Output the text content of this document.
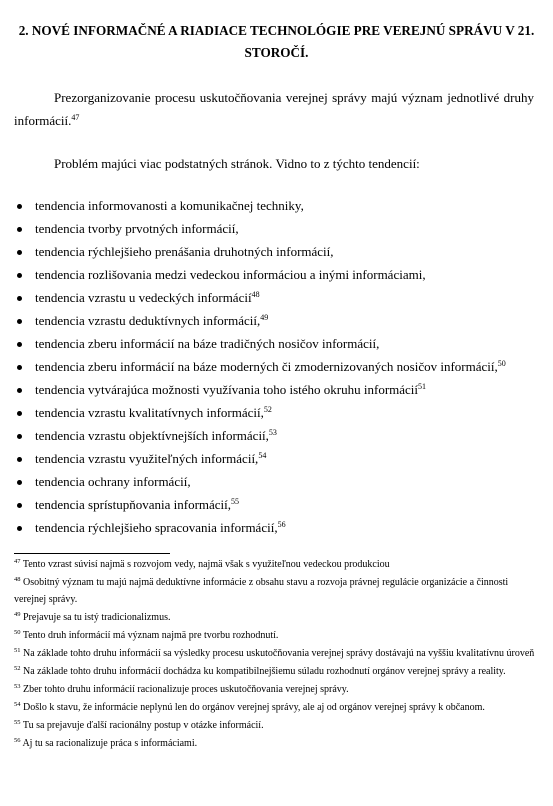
2. NOVÉ INFORMAČNÉ A RIADIACE TECHNOLÓGIE PRE VEREJNÚ SPRÁVU V 21. STOROČÍ.

Prezorganizovanie procesu uskutočňovania verejnej správy majú význam jednotlivé druhy informácií.$^{47}$

Problém majúci viac podstatných stránok. Vidno to z týchto tendencií:

tendencia informovanosti a komunikačnej techniky,
tendencia tvorby prvotných informácií,
tendencia rýchlejšieho prenášania druhotných informácií,
tendencia rozlišovania medzi vedeckou informáciou a inými informáciami,
tendencia vzrastu u vedeckých informácií$^{48}$
tendencia vzrastu deduktívnych informácií,$^{49}$
tendencia zberu informácií na báze tradičných nosičov informácií,
tendencia zberu informácií na báze moderných či zmodernizovaných nosičov informácií,$^{50}$
tendencia vytvárajúca možnosti využívania toho istého okruhu informácií$^{51}$
tendencia vzrastu kvalitatívnych informácií,$^{52}$
tendencia vzrastu objektívnejších informácií,$^{53}$
tendencia vzrastu využiteľných informácií,$^{54}$
tendencia ochrany informácií,
tendencia sprístupňovania informácií,$^{55}$
tendencia rýchlejšieho spracovania informácií,$^{56}$

$^{47}$ Tento vzrast súvisí najmä s rozvojom vedy, najmä však s využiteľnou vedeckou produkciou

$^{48}$ Osobitný význam tu majú najmä deduktívne informácie z obsahu stavu a rozvoja právnej regulácie organizácie a činnosti verejnej správy.

$^{49}$ Prejavuje sa tu istý tradicionalizmus.

$^{50}$ Tento druh informácií má význam najmä pre tvorbu rozhodnutí.

$^{51}$ Na základe tohto druhu informácií sa výsledky procesu uskutočňovania verejnej správy dostávajú na vyššiu kvalitatívnu úroveň

$^{52}$ Na základe tohto druhu informácií dochádza ku kompatibilnejšiemu súladu rozhodnutí orgánov verejnej správy a reality.

$^{53}$ Zber tohto druhu informácií racionalizuje proces uskutočňovania verejnej správy.

$^{54}$ Došlo k stavu, že informácie neplynú len do orgánov verejnej správy, ale aj od orgánov verejnej správy k občanom.

$^{55}$ Tu sa prejavuje ďalší racionálny postup v otázke informácií.

$^{56}$ Aj tu sa racionalizuje práca s informáciami.
